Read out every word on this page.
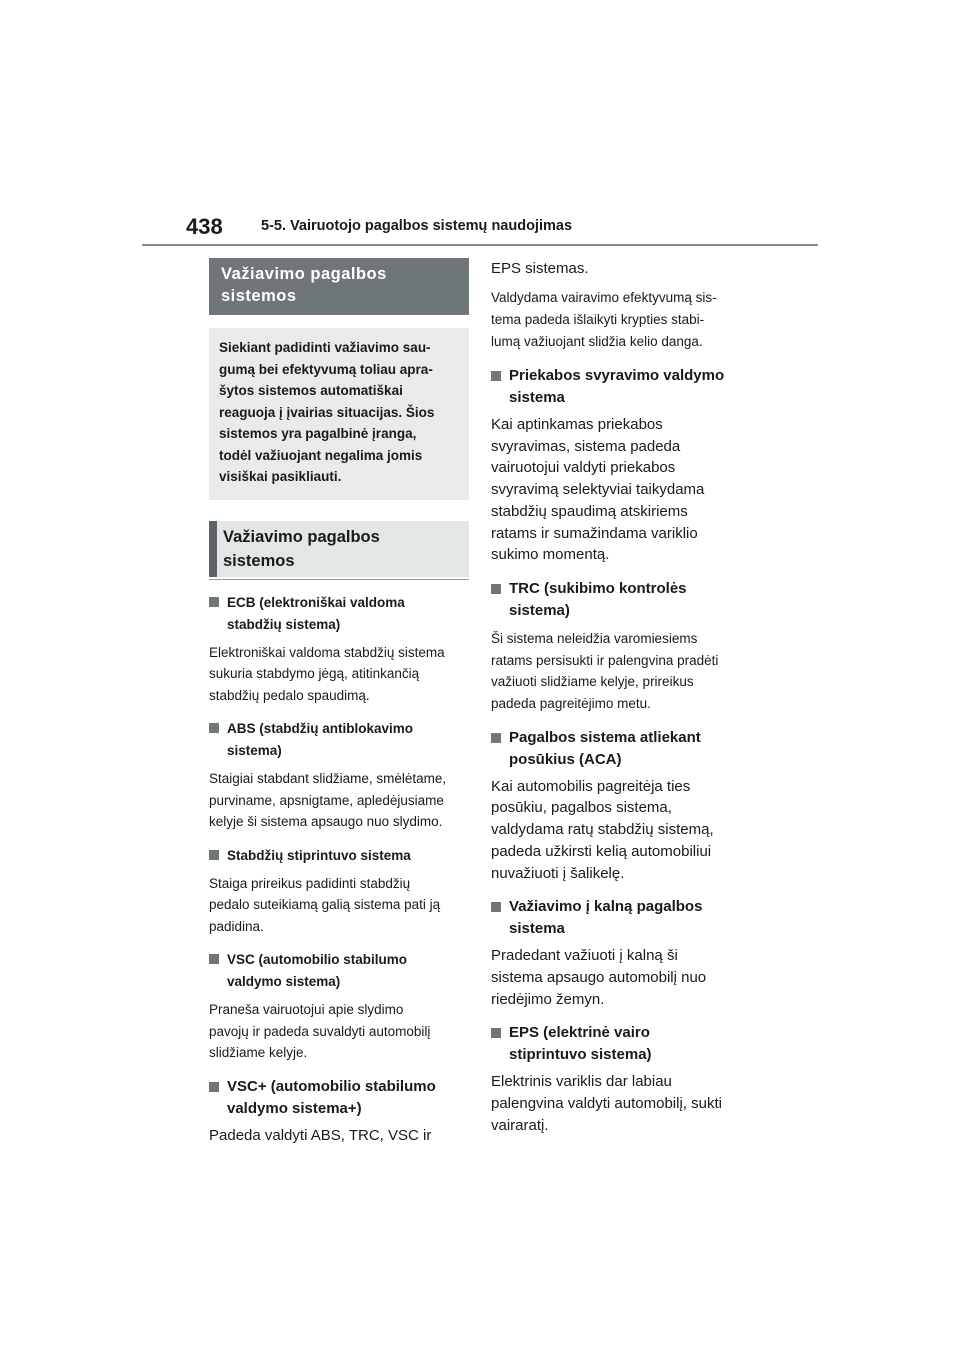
438	5-5. Vairuotojo pagalbos sistemų naudojimas
Važiavimo pagalbos
sistemos
Siekiant padidinti važiavimo sau-
gumą bei efektyvumą toliau apra-
šytos sistemos automatiškai
reaguoja į įvairias situacijas. Šios
sistemos yra pagalbinė įranga,
todėl važiuojant negalima jomis
visiškai pasikliauti.
Važiavimo pagalbos
sistemos
ECB (elektroniškai valdoma
stabdžių sistema)
Elektroniškai valdoma stabdžių sistema
sukuria stabdymo jėgą, atitinkančią
stabdžių pedalo spaudimą.
ABS (stabdžių antiblokavimo
sistema)
Staigiai stabdant slidžiame, smėlėtame,
purviname, apsnigtame, apledėjusiame
kelyje ši sistema apsaugo nuo slydimo.
Stabdžių stiprintuvo sistema
Staiga prireikus padidinti stabdžių
pedalo suteikiamą galią sistema pati ją
padidina.
VSC (automobilio stabilumo
valdymo sistema)
Praneša vairuotojui apie slydimo
pavojų ir padeda suvaldyti automobilį
slidžiame kelyje.
VSC+ (automobilio stabilumo
valdymo sistema+)
Padeda valdyti ABS, TRC, VSC ir
EPS sistemas.
Valdydama vairavimo efektyvumą sis-
tema padeda išlaikyti krypties stabi-
lumą važiuojant slidžia kelio danga.
Priekabos svyravimo valdymo
sistema
Kai aptinkamas priekabos
svyravimas, sistema padeda
vairuotojui valdyti priekabos
svyravimą selektyviai taikydama
stabdžių spaudimą atskiriems
ratams ir sumažindama variklio
sukimo momentą.
TRC (sukibimo kontrolės
sistema)
Ši sistema neleidžia varomiesiems
ratams persisukti ir palengvina pradėti
važiuoti slidžiame kelyje, prireikus
padeda pagreitėjimo metu.
Pagalbos sistema atliekant
posūkius (ACA)
Kai automobilis pagreitėja ties
posūkiu, pagalbos sistema,
valdydama ratų stabdžių sistemą,
padeda užkirsti kelią automobiliui
nuvažiuoti į šalikelę.
Važiavimo į kalną pagalbos
sistema
Pradedant važiuoti į kalną ši
sistema apsaugo automobilį nuo
riedėjimo žemyn.
EPS (elektrinė vairo
stiprintuvo sistema)
Elektrinis variklis dar labiau
palengvina valdyti automobilį, sukti
vairaratį.
